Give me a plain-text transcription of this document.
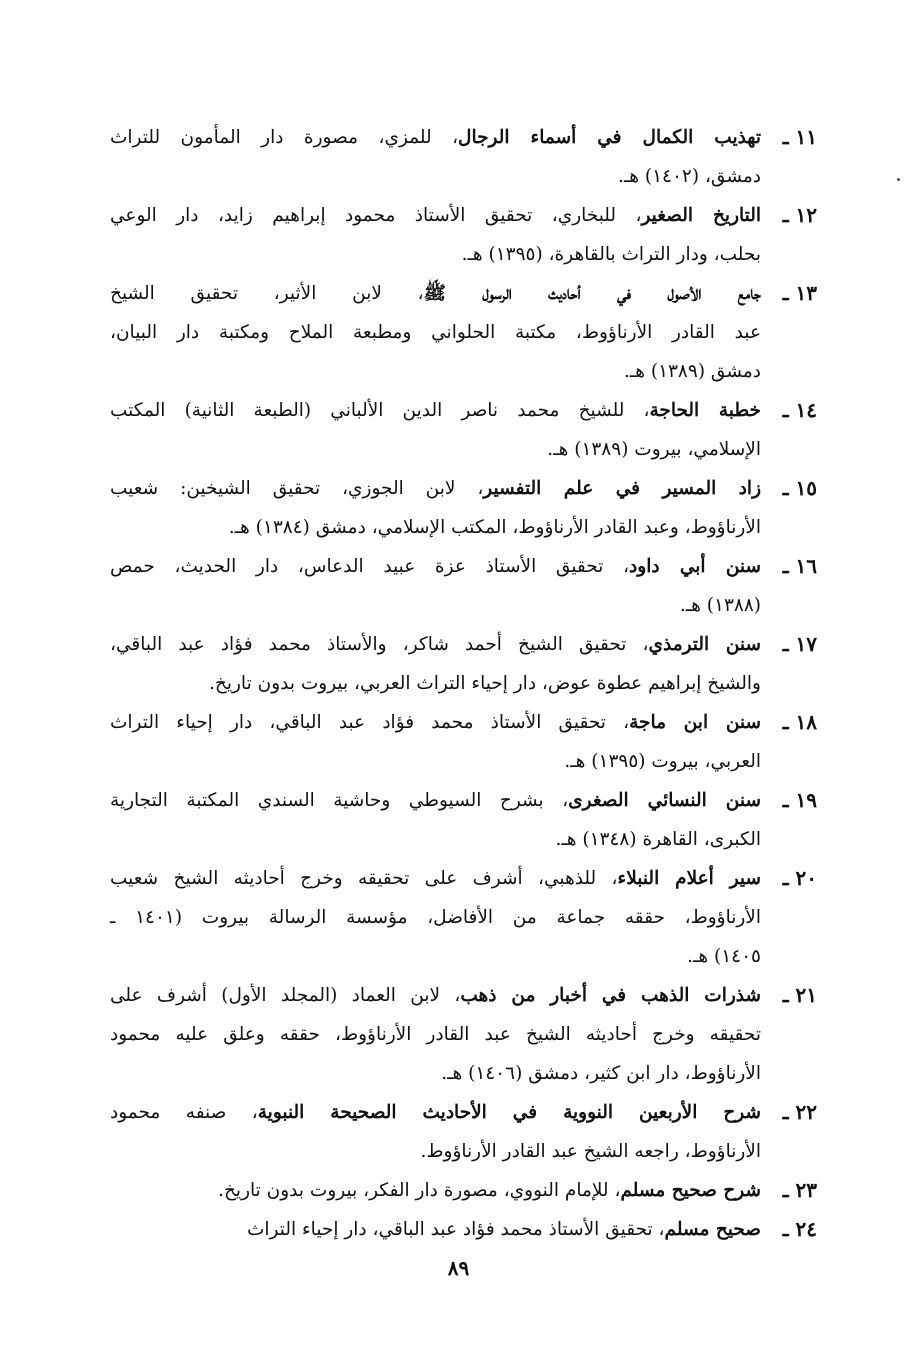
١١ ـ
تهذيب الكمال في أسماء الرجال، للمزي، مصورة دار المأمون للتراث
دمشق، (١٤٠٢) هـ.
١٢ ـ
التاريخ الصغير، للبخاري، تحقيق الأستاذ محمود إبراهيم زايد، دار الوعي
بحلب، ودار التراث بالقاهرة، (١٣٩٥) هـ.
١٣ ـ
جامع الأصول في أحاديث الرسول ﷺ، لابن الأثير، تحقيق الشيخ
عبد القادر الأرناؤوط، مكتبة الحلواني ومطبعة الملاح ومكتبة دار البيان،
دمشق (١٣٨٩) هـ.
١٤ ـ
خطبة الحاجة، للشيخ محمد ناصر الدين الألباني (الطبعة الثانية) المكتب
الإسلامي، بيروت (١٣٨٩) هـ.
١٥ ـ
زاد المسير في علم التفسير، لابن الجوزي، تحقيق الشيخين: شعيب
الأرناؤوط، وعبد القادر الأرناؤوط، المكتب الإسلامي، دمشق (١٣٨٤) هـ.
١٦ ـ
سنن أبي داود، تحقيق الأستاذ عزة عبيد الدعاس، دار الحديث، حمص
(١٣٨٨) هـ.
١٧ ـ
سنن الترمذي، تحقيق الشيخ أحمد شاكر، والأستاذ محمد فؤاد عبد الباقي،
والشيخ إبراهيم عطوة عوض، دار إحياء التراث العربي، بيروت بدون تاريخ.
١٨ ـ
سنن ابن ماجة، تحقيق الأستاذ محمد فؤاد عبد الباقي، دار إحياء التراث
العربي، بيروت (١٣٩٥) هـ.
١٩ ـ
سنن النسائي الصغرى، بشرح السيوطي وحاشية السندي المكتبة التجارية
الكبرى، القاهرة (١٣٤٨) هـ.
٢٠ ـ
سير أعلام النبلاء، للذهبي، أشرف على تحقيقه وخرج أحاديثه الشيخ شعيب
الأرناؤوط، حققه جماعة من الأفاضل، مؤسسة الرسالة بيروت (١٤٠١ ـ
١٤٠٥) هـ.
٢١ ـ
شذرات الذهب في أخبار من ذهب، لابن العماد (المجلد الأول) أشرف على
تحقيقه وخرج أحاديثه الشيخ عبد القادر الأرناؤوط، حققه وعلق عليه محمود
الأرناؤوط، دار ابن كثير، دمشق (١٤٠٦) هـ.
٢٢ ـ
شرح الأربعين النووية في الأحاديث الصحيحة النبوية، صنفه محمود
الأرناؤوط، راجعه الشيخ عبد القادر الأرناؤوط.
٢٣ ـ
شرح صحيح مسلم، للإمام النووي، مصورة دار الفكر، بيروت بدون تاريخ.
٢٤ ـ
صحيح مسلم، تحقيق الأستاذ محمد فؤاد عبد الباقي، دار إحياء التراث
٨٩
